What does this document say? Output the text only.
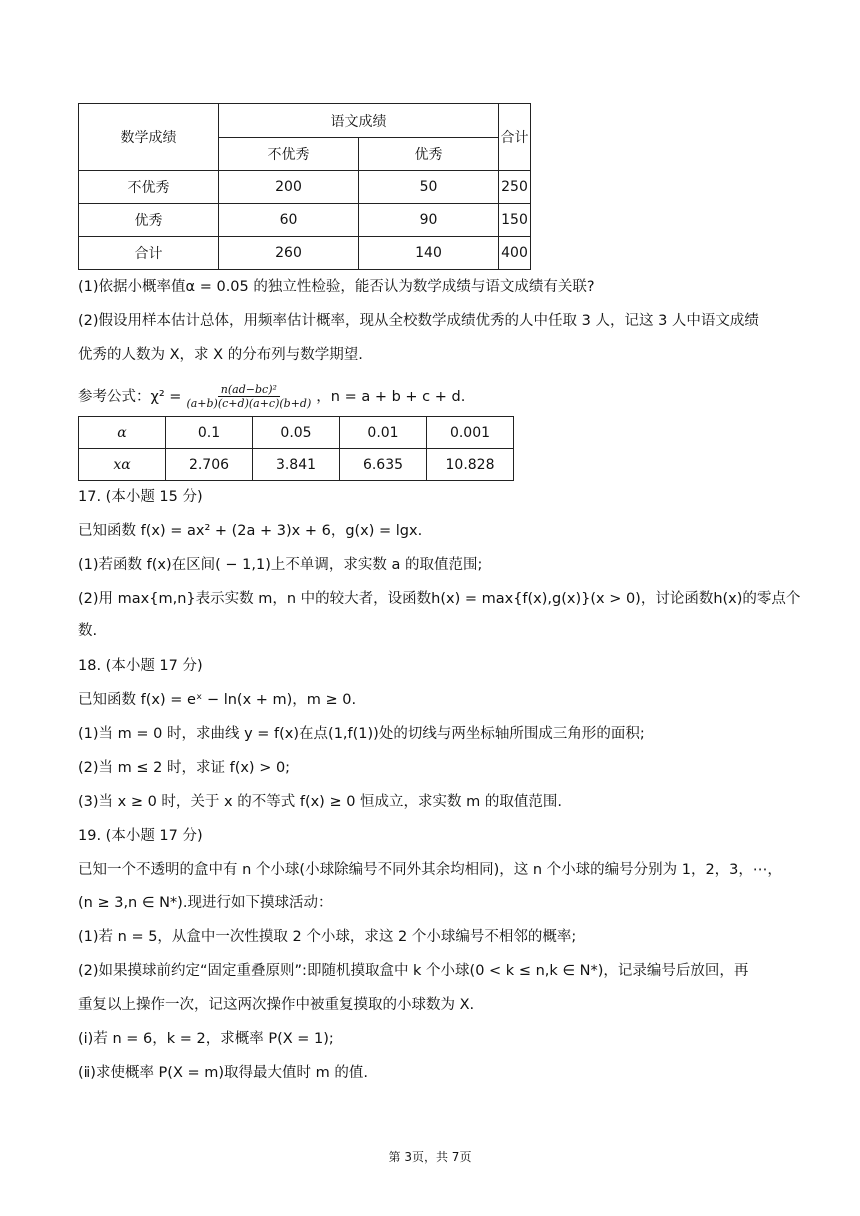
数学成绩	语文成绩		合计
	不优秀	优秀	
不优秀	200	50	250
优秀	60	90	150
合计	260	140	400
(1)依据小概率值α = 0.05 的独立性检验，能否认为数学成绩与语文成绩有关联?
(2)假设用样本估计总体，用频率估计概率，现从全校数学成绩优秀的人中任取 3 人，记这 3 人中语文成绩
优秀的人数为 X，求 X 的分布列与数学期望.
参考公式：$\chi^2 = \frac{\text{n(ad−bc)²}}{(a+b)(c+d)(a+c)(b+d)}$ ，n = a + b + c + d.
α	0.1	0.05	0.01	0.001
xα	2.706	3.841	6.635	10.828
17. (本小题 15 分)
已知函数 f(x) = ax² + (2a + 3)x + 6，g(x) = lgx.
(1)若函数 f(x)在区间( − 1,1)上不单调，求实数 a 的取值范围;
(2)用 max{m,n}表示实数 m，n 中的较大者，设函数h(x) = max{f(x),g(x)}(x > 0)，讨论函数h(x)的零点个
数.
18. (本小题 17 分)
已知函数 f(x) = eˣ − ln(x + m)，m ≥ 0.
(1)当 m = 0 时，求曲线 y = f(x)在点(1,f(1))处的切线与两坐标轴所围成三角形的面积;
(2)当 m ≤ 2 时，求证 f(x) > 0;
(3)当 x ≥ 0 时，关于 x 的不等式 f(x) ≥ 0 恒成立，求实数 m 的取值范围.
19. (本小题 17 分)
已知一个不透明的盒中有 n 个小球(小球除编号不同外其余均相同)，这 n 个小球的编号分别为 1，2，3，⋯，
(n ≥ 3,n ∈ N*).现进行如下摸球活动：
(1)若 n = 5，从盒中一次性摸取 2 个小球，求这 2 个小球编号不相邻的概率;
(2)如果摸球前约定“固定重叠原则”:即随机摸取盒中 k 个小球(0 < k ≤ n,k ∈ N*)，记录编号后放回，再
重复以上操作一次，记这两次操作中被重复摸取的小球数为 X.
(ⅰ)若 n = 6，k = 2，求概率 P(X = 1);
(ⅱ)求使概率 P(X = m)取得最大值时 m 的值.
第 3页，共 7页
